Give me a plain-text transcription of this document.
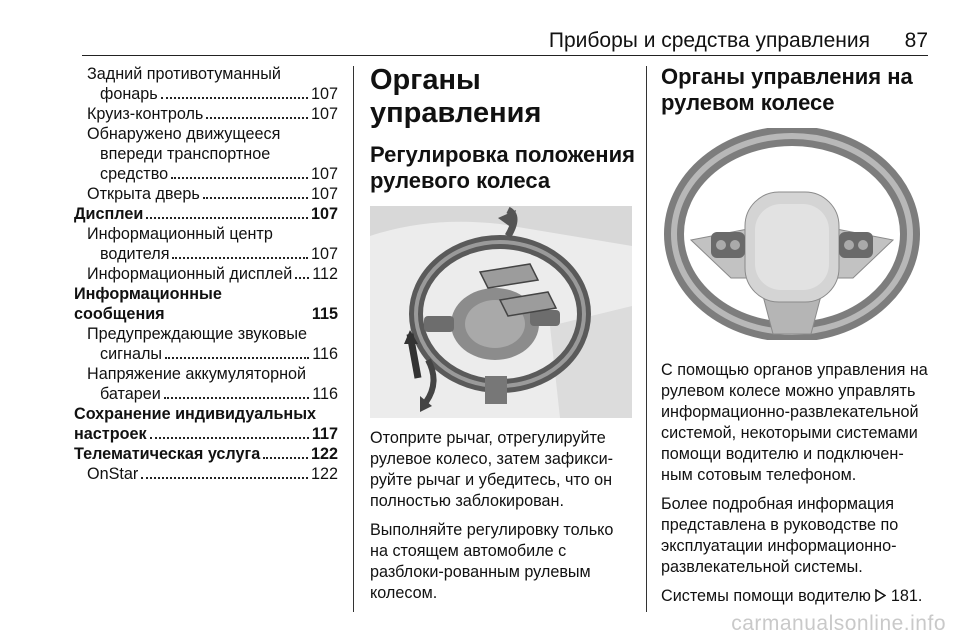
Приборы и средства управления 87
Задний противотуманный
фонарь	107
Круиз-контроль	107
Обнаружено движущееся
впереди транспортное
средство	107
Открыта дверь	107
Дисплеи	107
Информационный центр
водителя	107
Информационный дисплей 112
Информационные сообщения	115
Предупреждающие звуковые
сигналы	116
Напряжение аккумуляторной
батареи	116
Сохранение индивидуальных
настроек	117
Телематическая услуга	122
OnStar	122
Органы управления
Регулировка положения рулевого колеса

Отоприте рычаг, отрегулируйте рулевое колесо, затем зафикси-руйте рычаг и убедитесь, что он полностью заблокирован.

Выполняйте регулировку только на стоящем автомобиле с разблоки-рованным рулевым колесом.

Органы управления на рулевом колесе

С помощью органов управления на рулевом колесе можно управлять информационно-развлекательной системой, некоторыми системами помощи водителю и подключен-ным сотовым телефоном.

Более подробная информация представлена в руководстве по эксплуатации информационно-развлекательной системы.

Системы помощи водителю 181.

carmanualsonline.info
